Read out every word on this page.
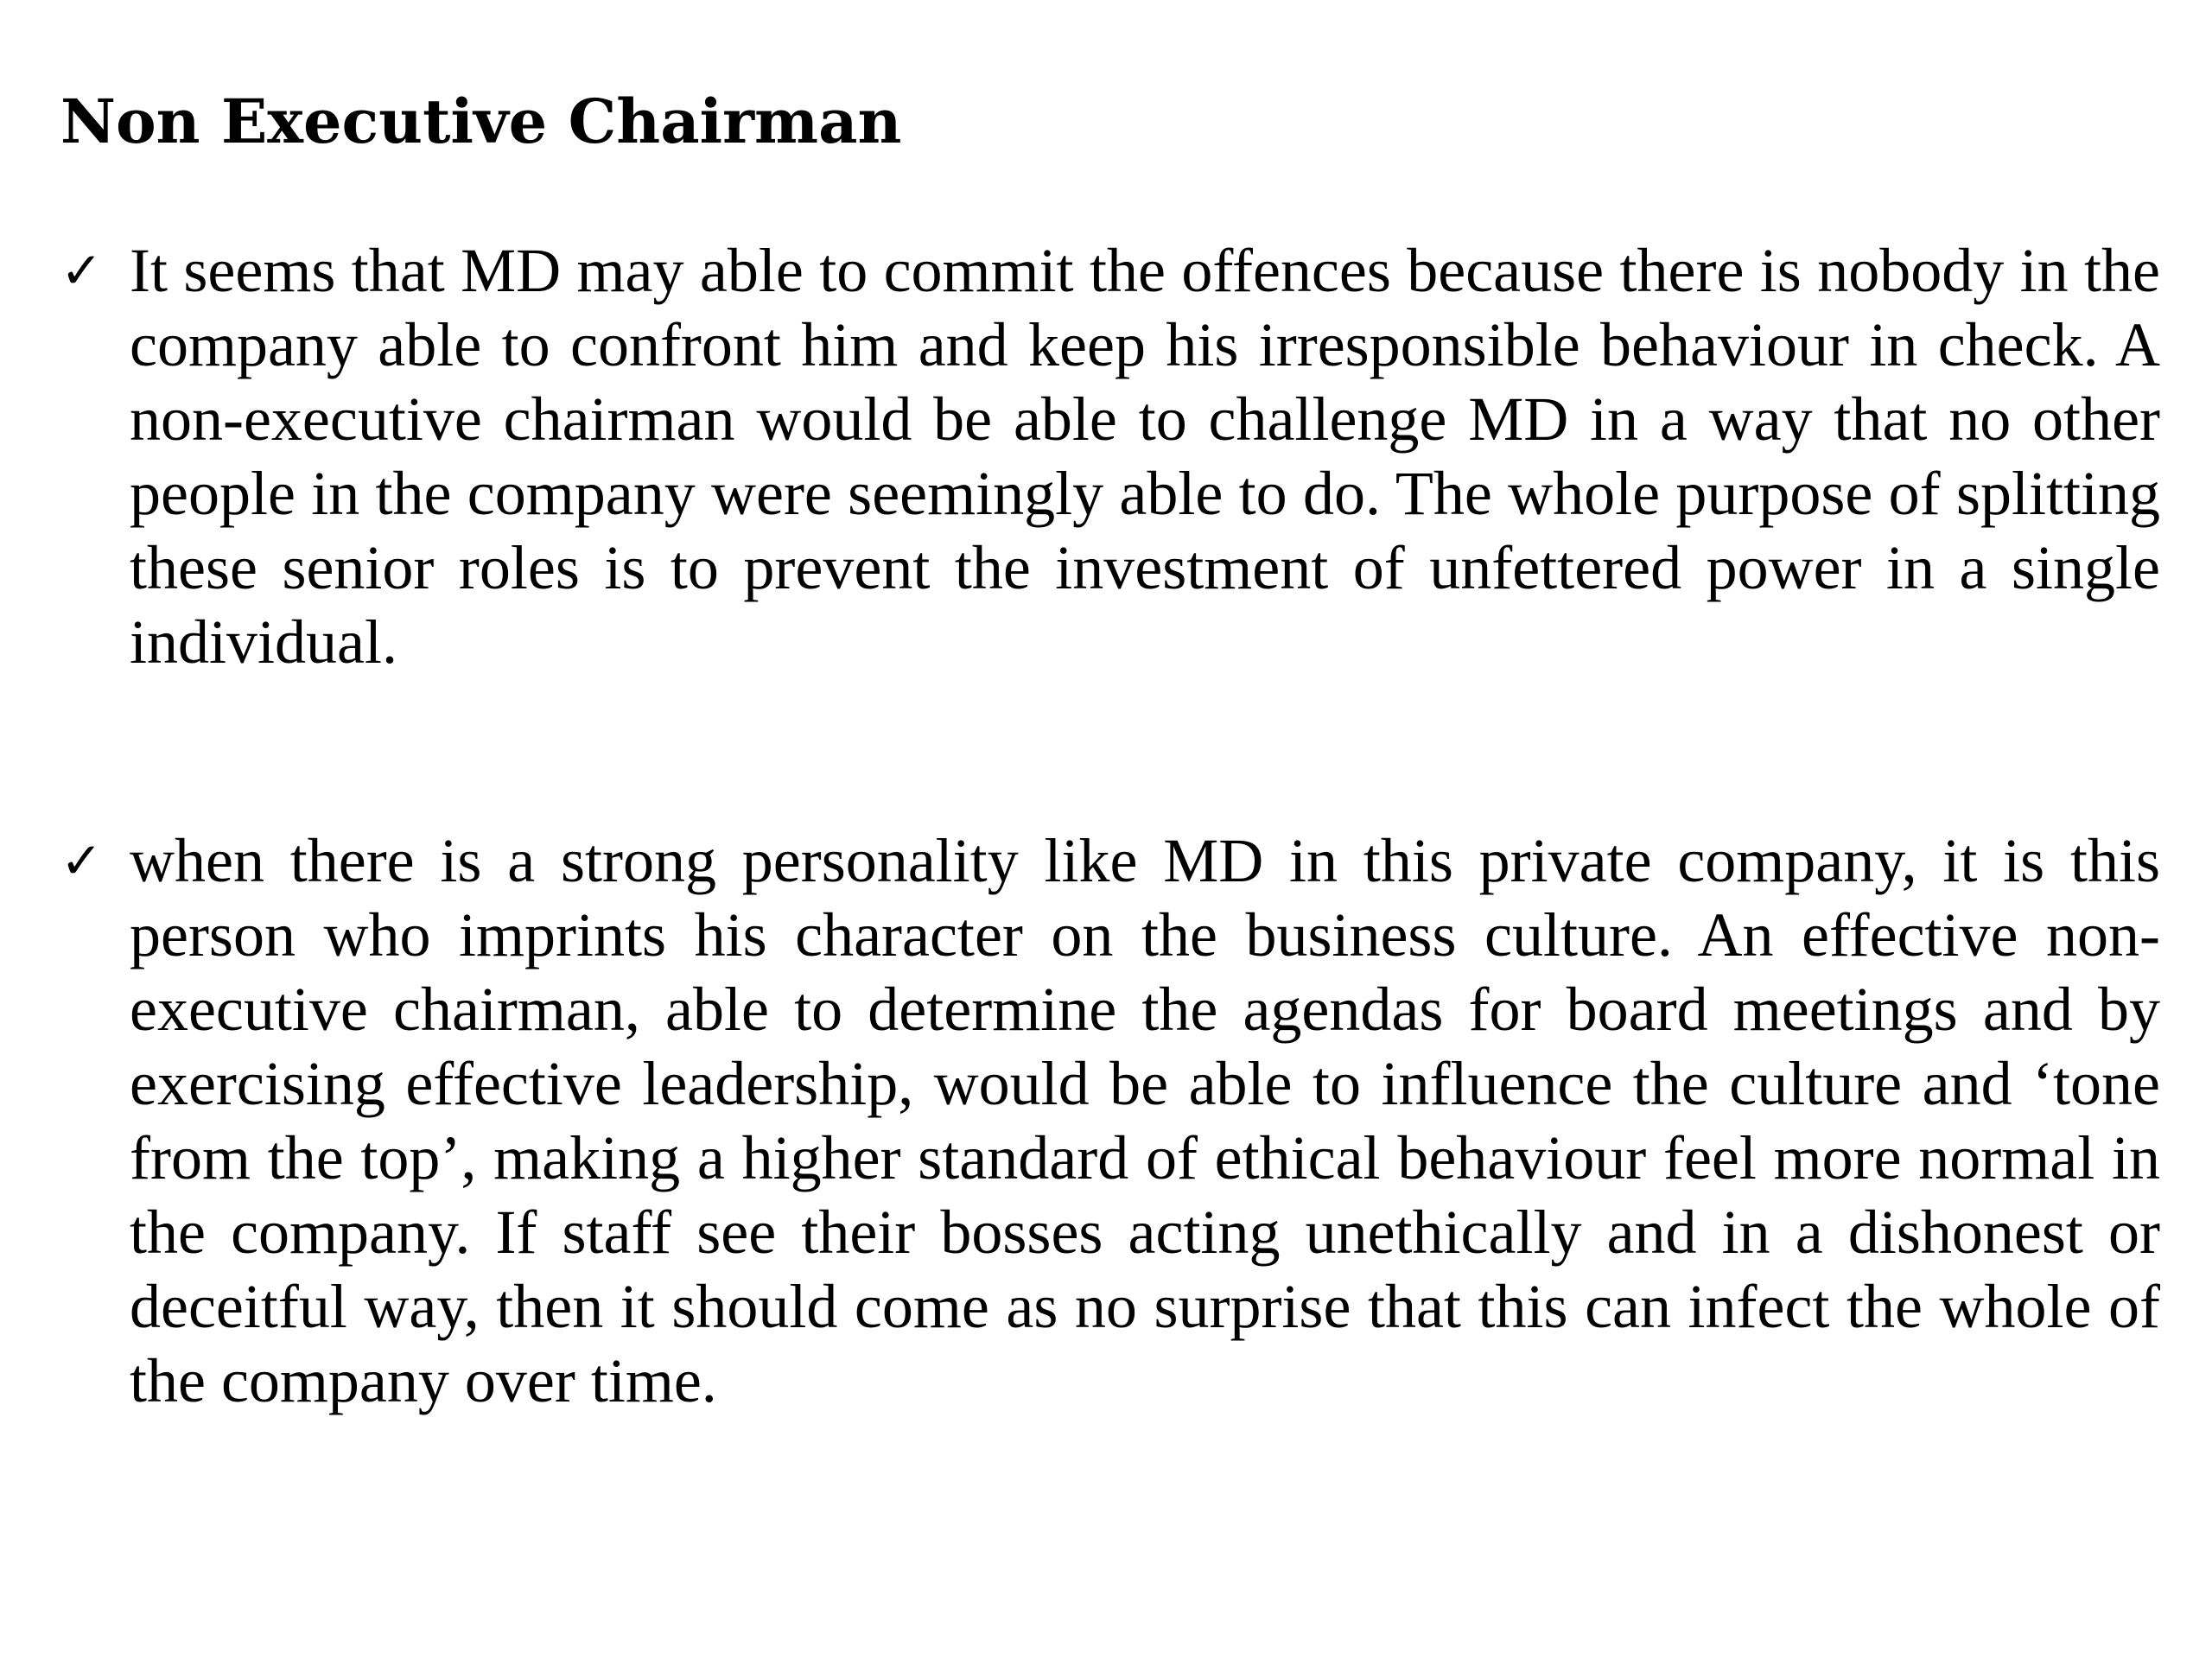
Non Executive Chairman
✓ It seems that MD may able to commit the offences because there is nobody in the company able to confront him and keep his irresponsible behaviour in check. A non-executive chairman would be able to challenge MD in a way that no other people in the company were seemingly able to do. The whole purpose of splitting these senior roles is to prevent the investment of unfettered power in a single individual.
✓ when there is a strong personality like MD in this private company, it is this person who imprints his character on the business culture. An effective non-executive chairman, able to determine the agendas for board meetings and by exercising effective leadership, would be able to influence the culture and ‘tone from the top’, making a higher standard of ethical behaviour feel more normal in the company. If staff see their bosses acting unethically and in a dishonest or deceitful way, then it should come as no surprise that this can infect the whole of the company over time.
